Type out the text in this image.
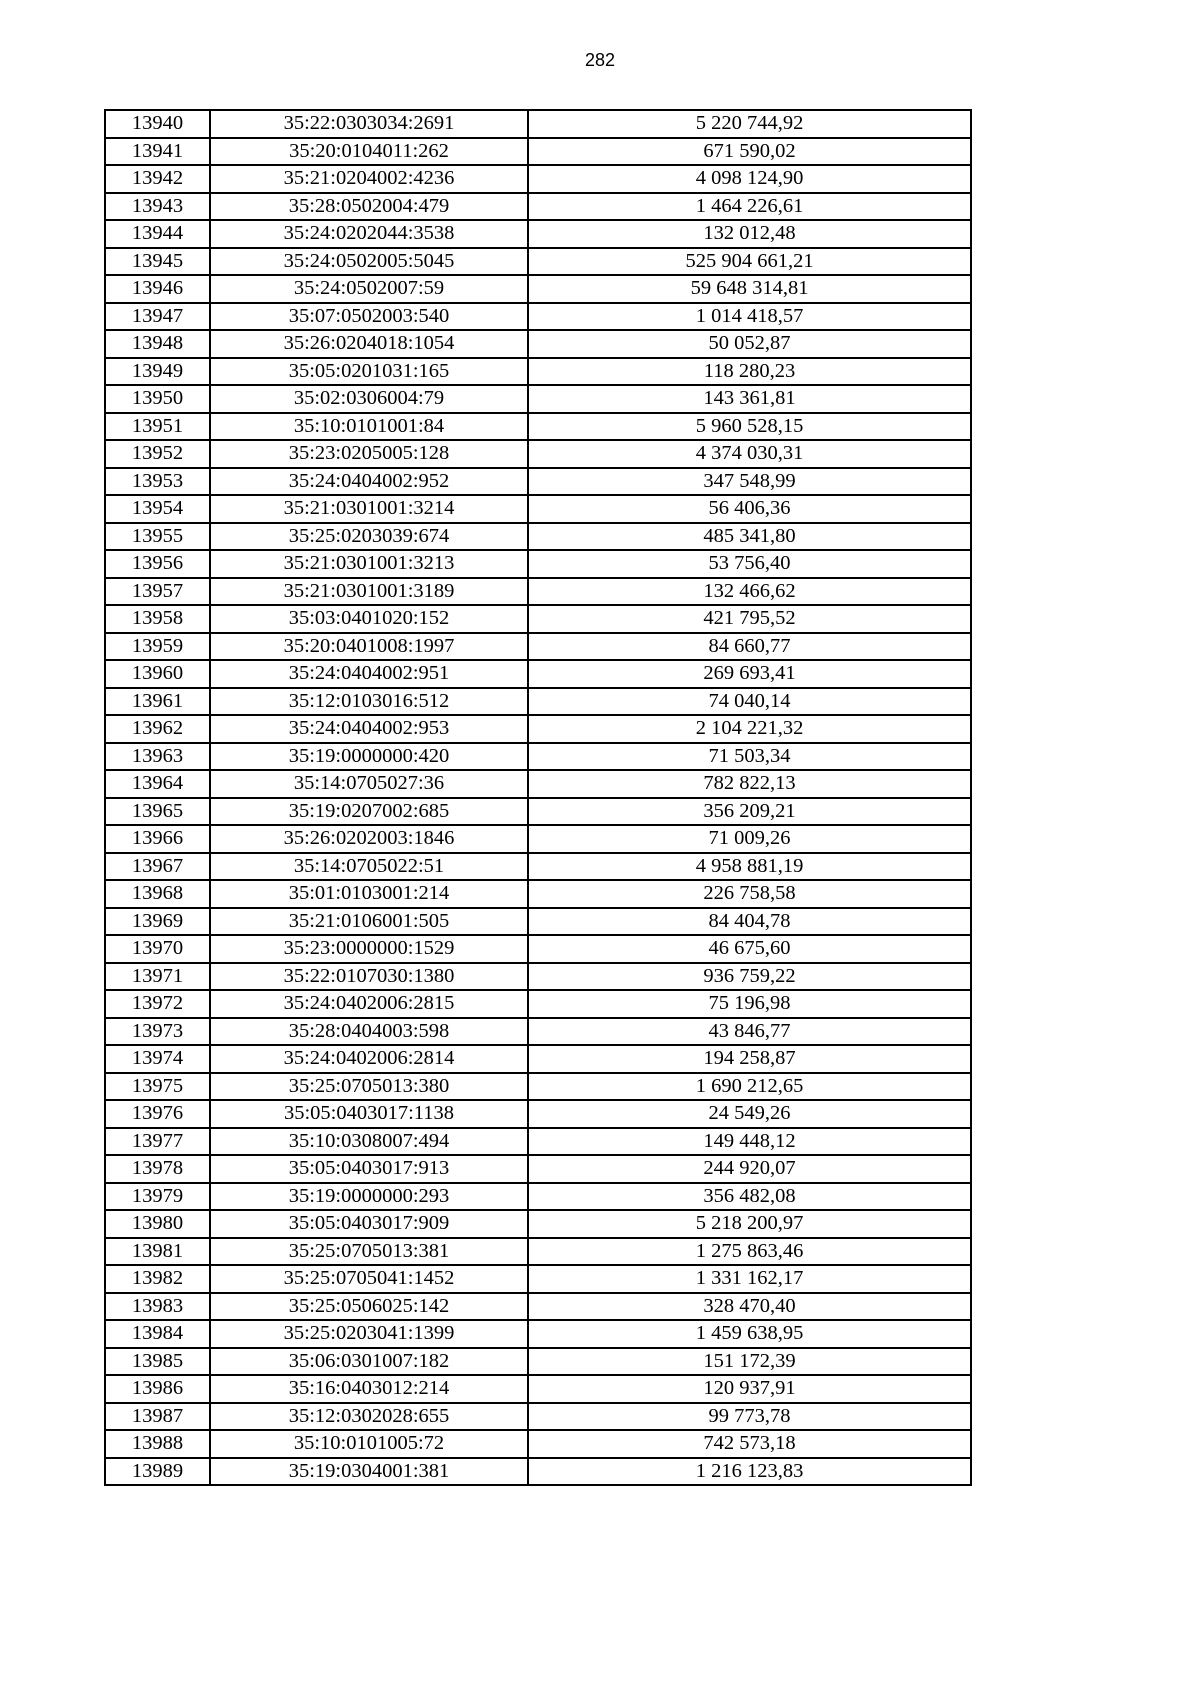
282
13940	35:22:0303034:2691	5 220 744,92
13941	35:20:0104011:262	671 590,02
13942	35:21:0204002:4236	4 098 124,90
13943	35:28:0502004:479	1 464 226,61
13944	35:24:0202044:3538	132 012,48
13945	35:24:0502005:5045	525 904 661,21
13946	35:24:0502007:59	59 648 314,81
13947	35:07:0502003:540	1 014 418,57
13948	35:26:0204018:1054	50 052,87
13949	35:05:0201031:165	118 280,23
13950	35:02:0306004:79	143 361,81
13951	35:10:0101001:84	5 960 528,15
13952	35:23:0205005:128	4 374 030,31
13953	35:24:0404002:952	347 548,99
13954	35:21:0301001:3214	56 406,36
13955	35:25:0203039:674	485 341,80
13956	35:21:0301001:3213	53 756,40
13957	35:21:0301001:3189	132 466,62
13958	35:03:0401020:152	421 795,52
13959	35:20:0401008:1997	84 660,77
13960	35:24:0404002:951	269 693,41
13961	35:12:0103016:512	74 040,14
13962	35:24:0404002:953	2 104 221,32
13963	35:19:0000000:420	71 503,34
13964	35:14:0705027:36	782 822,13
13965	35:19:0207002:685	356 209,21
13966	35:26:0202003:1846	71 009,26
13967	35:14:0705022:51	4 958 881,19
13968	35:01:0103001:214	226 758,58
13969	35:21:0106001:505	84 404,78
13970	35:23:0000000:1529	46 675,60
13971	35:22:0107030:1380	936 759,22
13972	35:24:0402006:2815	75 196,98
13973	35:28:0404003:598	43 846,77
13974	35:24:0402006:2814	194 258,87
13975	35:25:0705013:380	1 690 212,65
13976	35:05:0403017:1138	24 549,26
13977	35:10:0308007:494	149 448,12
13978	35:05:0403017:913	244 920,07
13979	35:19:0000000:293	356 482,08
13980	35:05:0403017:909	5 218 200,97
13981	35:25:0705013:381	1 275 863,46
13982	35:25:0705041:1452	1 331 162,17
13983	35:25:0506025:142	328 470,40
13984	35:25:0203041:1399	1 459 638,95
13985	35:06:0301007:182	151 172,39
13986	35:16:0403012:214	120 937,91
13987	35:12:0302028:655	99 773,78
13988	35:10:0101005:72	742 573,18
13989	35:19:0304001:381	1 216 123,83
